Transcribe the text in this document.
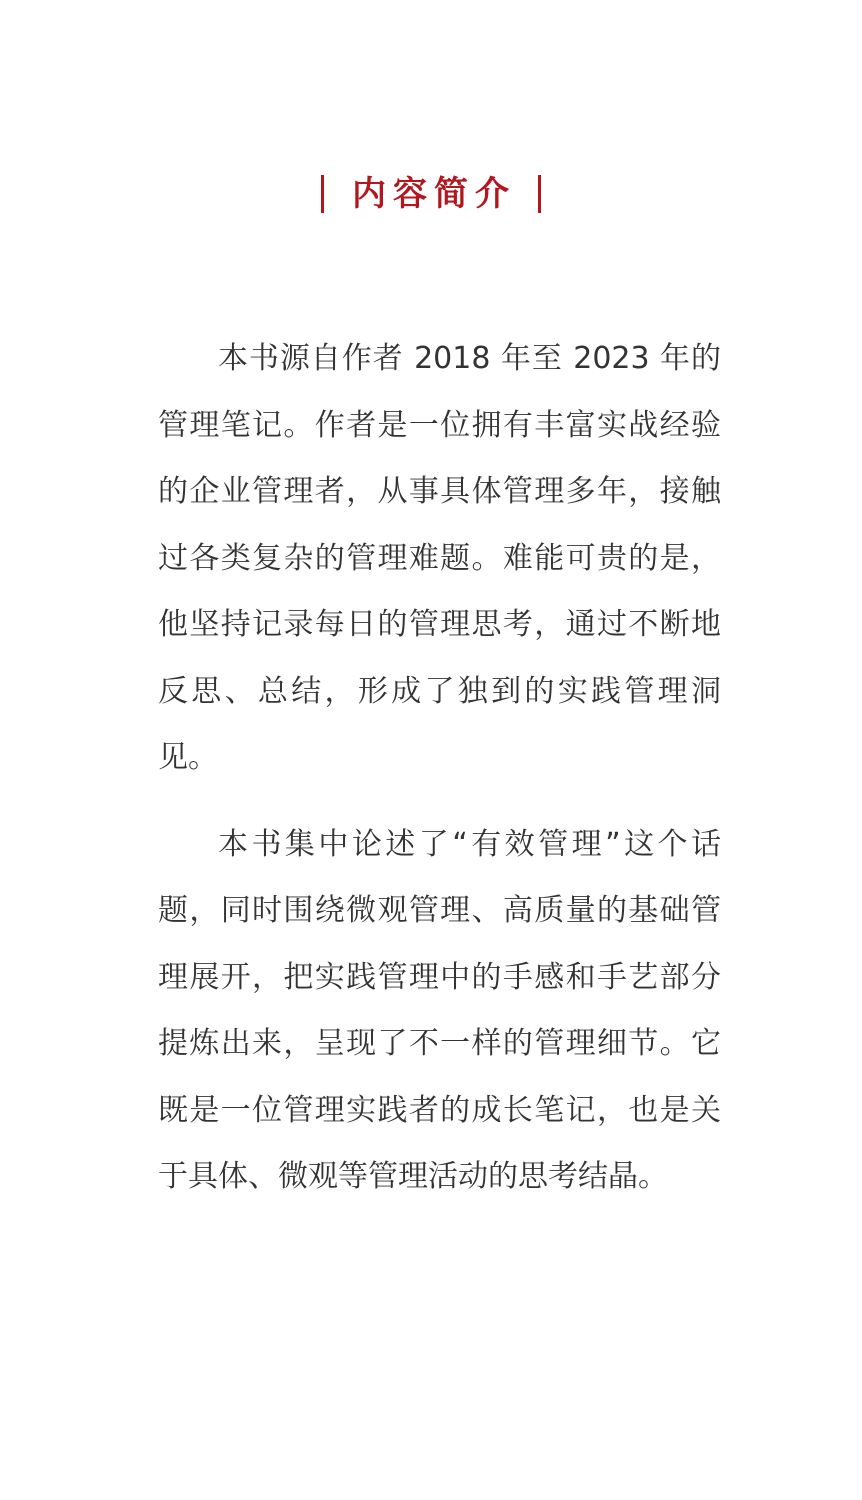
内容简介

本书源自作者 2018 年至 2023 年的管理笔记。作者是一位拥有丰富实战经验的企业管理者，从事具体管理多年，接触过各类复杂的管理难题。难能可贵的是，他坚持记录每日的管理思考，通过不断地反思、总结，形成了独到的实践管理洞见。

本书集中论述了“有效管理”这个话题，同时围绕微观管理、高质量的基础管理展开，把实践管理中的手感和手艺部分提炼出来，呈现了不一样的管理细节。它既是一位管理实践者的成长笔记，也是关于具体、微观等管理活动的思考结晶。
